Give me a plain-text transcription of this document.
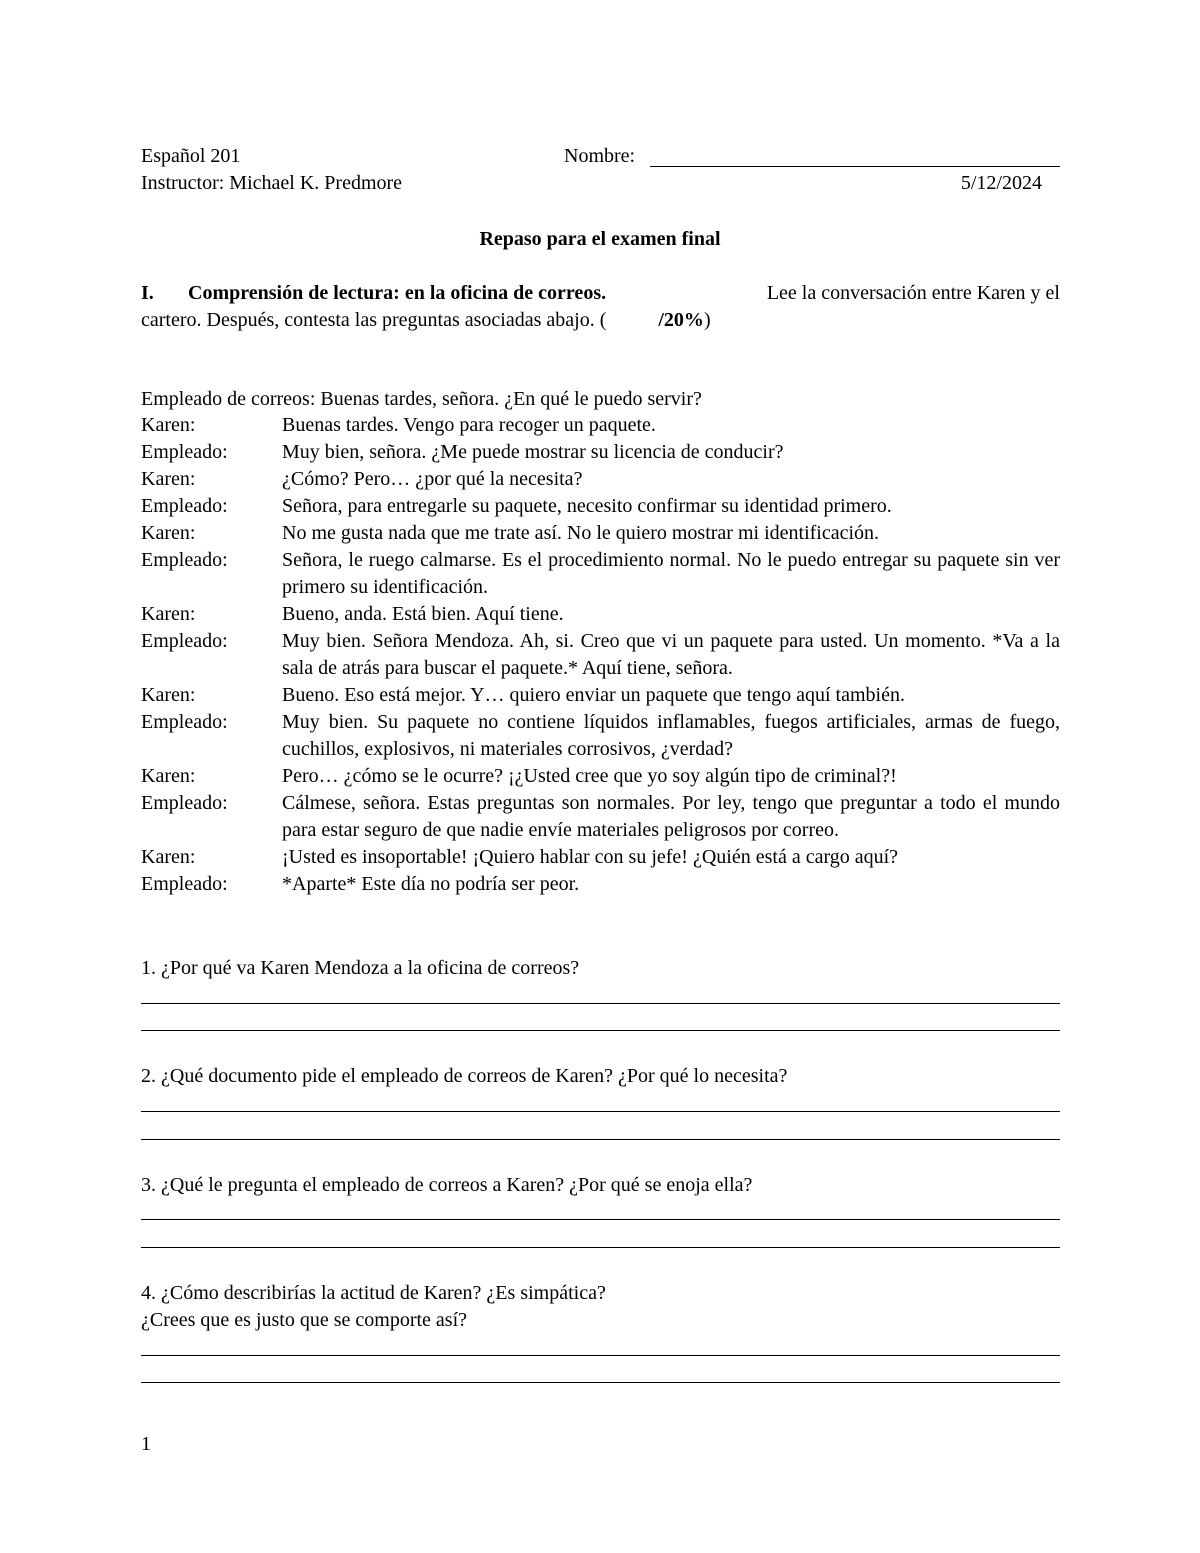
Español 201	Nombre:
Instructor: Michael K. Predmore	5/12/2024
Repaso para el examen final
I. Comprensión de lectura: en la oficina de correos.	Lee la conversación entre Karen y el
cartero. Después, contesta las preguntas asociadas abajo. (	/20%)
Empleado de correos: Buenas tardes, señora. ¿En qué le puedo servir?
Karen:	Buenas tardes. Vengo para recoger un paquete.
Empleado:	Muy bien, señora. ¿Me puede mostrar su licencia de conducir?
Karen:	¿Cómo? Pero… ¿por qué la necesita?
Empleado:	Señora, para entregarle su paquete, necesito confirmar su identidad primero.
Karen:	No me gusta nada que me trate así. No le quiero mostrar mi identificación.
Empleado:	Señora, le ruego calmarse. Es el procedimiento normal. No le puedo entregar su paquete sin ver primero su identificación.
Karen:	Bueno, anda. Está bien. Aquí tiene.
Empleado:	Muy bien. Señora Mendoza. Ah, si. Creo que vi un paquete para usted. Un momento. *Va a la sala de atrás para buscar el paquete.* Aquí tiene, señora.
Karen:	Bueno. Eso está mejor. Y… quiero enviar un paquete que tengo aquí también.
Empleado:	Muy bien. Su paquete no contiene líquidos inflamables, fuegos artificiales, armas de fuego, cuchillos, explosivos, ni materiales corrosivos, ¿verdad?
Karen:	Pero… ¿cómo se le ocurre? ¡¿Usted cree que yo soy algún tipo de criminal?!
Empleado:	Cálmese, señora. Estas preguntas son normales. Por ley, tengo que preguntar a todo el mundo para estar seguro de que nadie envíe materiales peligrosos por correo.
Karen:	¡Usted es insoportable! ¡Quiero hablar con su jefe! ¿Quién está a cargo aquí?
Empleado:	*Aparte* Este día no podría ser peor.
1. ¿Por qué va Karen Mendoza a la oficina de correos?
2. ¿Qué documento pide el empleado de correos de Karen? ¿Por qué lo necesita?
3. ¿Qué le pregunta el empleado de correos a Karen? ¿Por qué se enoja ella?
4. ¿Cómo describirías la actitud de Karen? ¿Es simpática?
¿Crees que es justo que se comporte así?
1
